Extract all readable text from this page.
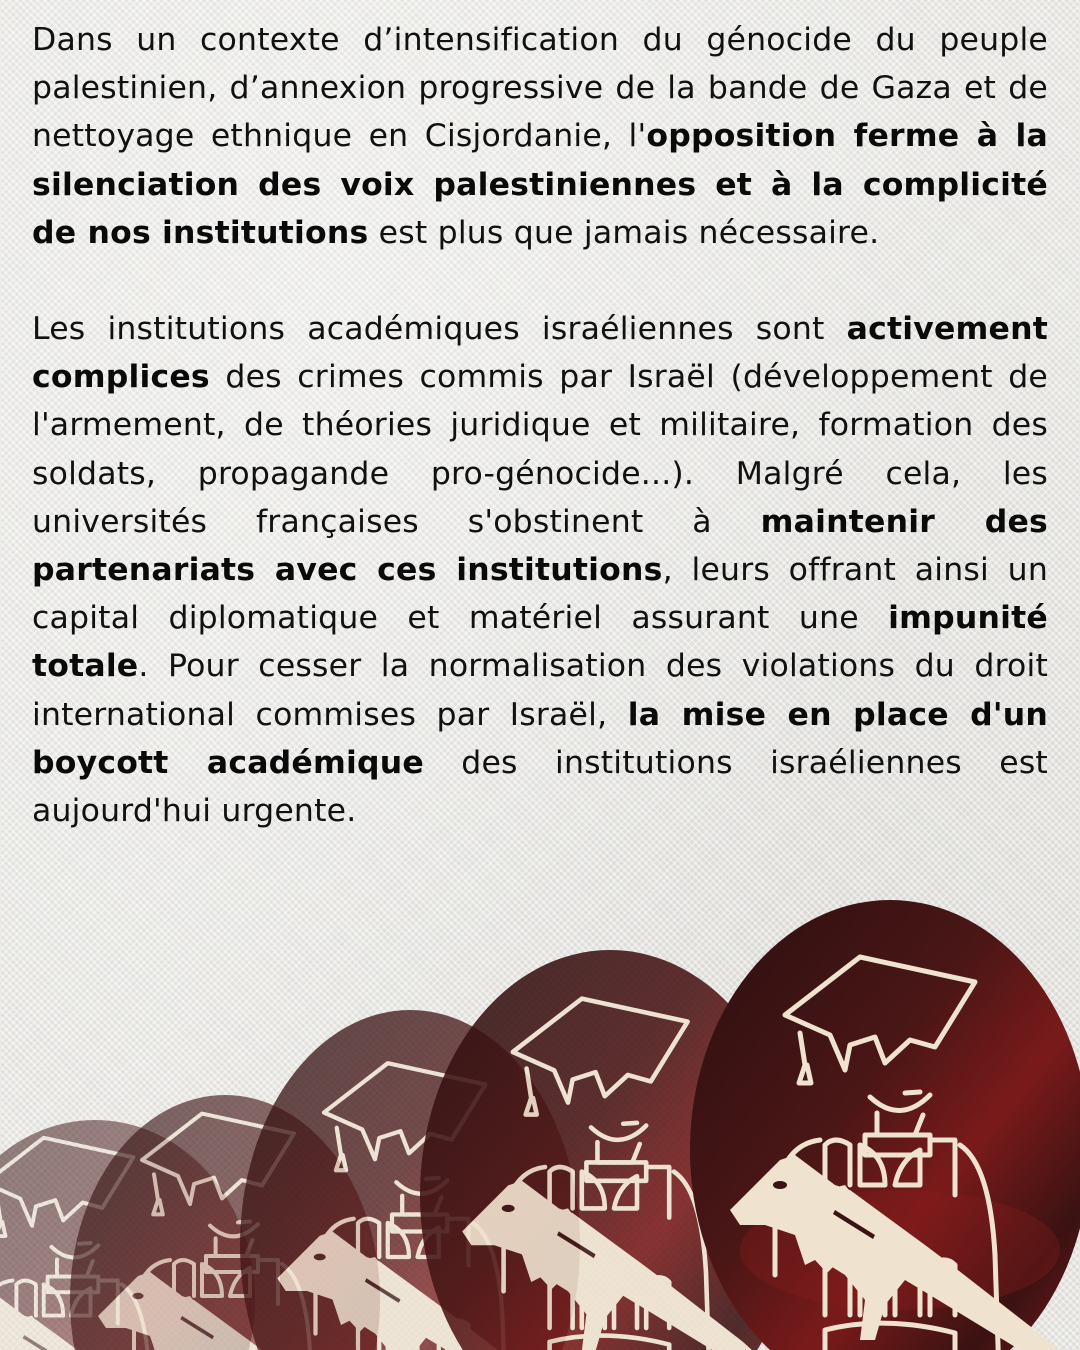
Dans un contexte d’intensification du génocide du peuple palestinien, d’annexion progressive de la bande de Gaza et de nettoyage ethnique en Cisjordanie, l'opposition ferme à la silenciation des voix palestiniennes et à la complicité de nos institutions est plus que jamais nécessaire.

Les institutions académiques israéliennes sont activement complices des crimes commis par Israël (développement de l'armement, de théories juridique et militaire, formation des soldats, propagande pro-génocide...). Malgré cela, les universités françaises s'obstinent à maintenir des partenariats avec ces institutions, leurs offrant ainsi un capital diplomatique et matériel assurant une impunité totale. Pour cesser la normalisation des violations du droit international commises par Israël, la mise en place d'un boycott académique des institutions israéliennes est aujourd'hui urgente.
